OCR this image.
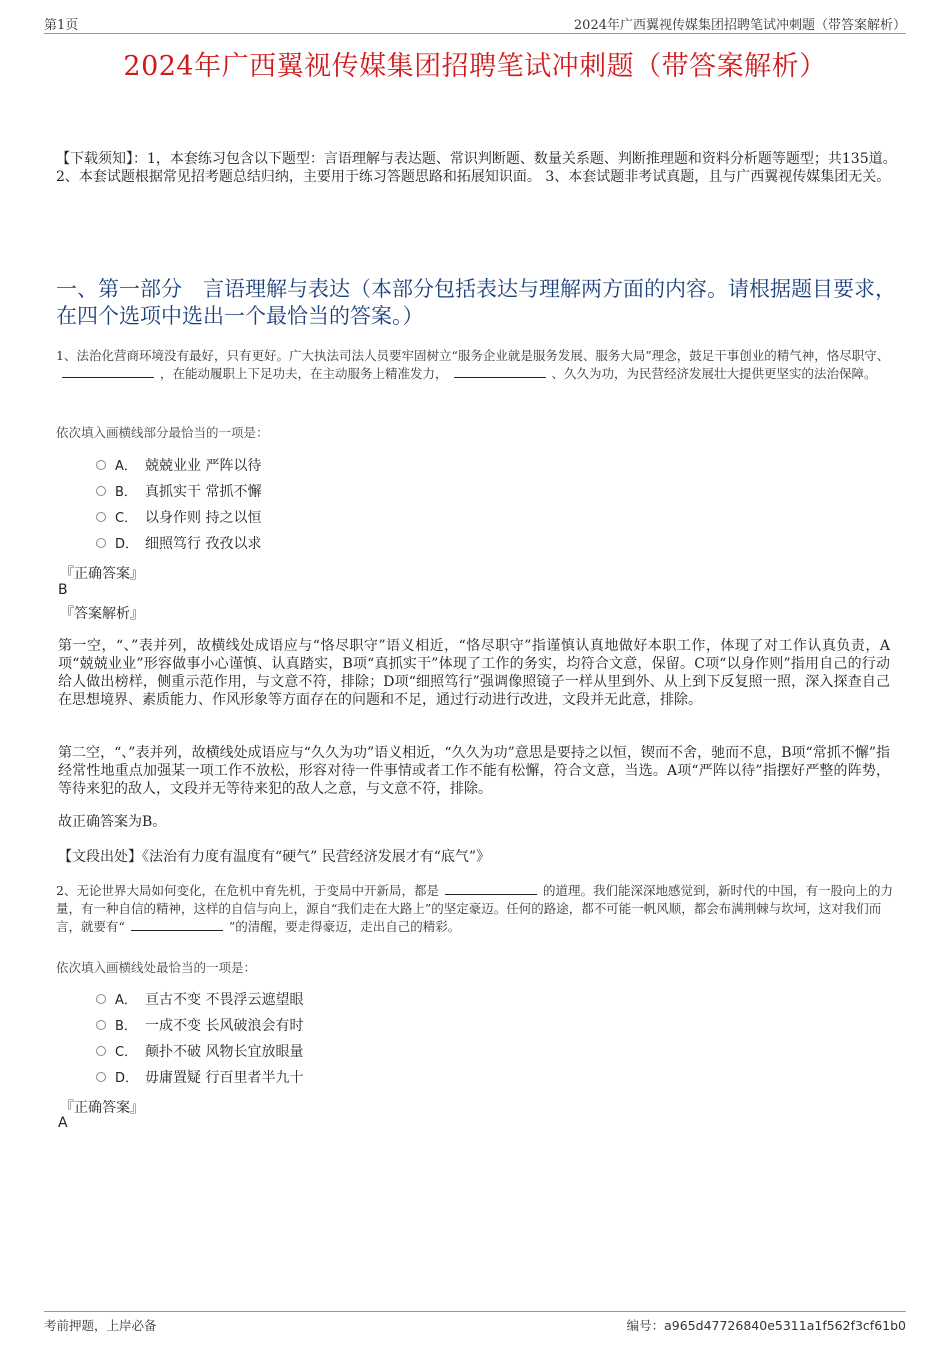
第1页	2024年广西翼视传媒集团招聘笔试冲刺题（带答案解析）
2024年广西翼视传媒集团招聘笔试冲刺题（带答案解析）
【下载须知】：1，本套练习包含以下题型：言语理解与表达题、常识判断题、数量关系题、判断推理题和资料分析题等题型；共135道。 2、本套试题根据常见招考题总结归纳，主要用于练习答题思路和拓展知识面。 3、本套试题非考试真题，且与广西翼视传媒集团无关。
一、第一部分　言语理解与表达（本部分包括表达与理解两方面的内容。请根据题目要求，在四个选项中选出一个最恰当的答案。）
1、法治化营商环境没有最好，只有更好。广大执法司法人员要牢固树立“服务企业就是服务发展、服务大局”理念，鼓足干事创业的精气神，恪尽职守、，在能动履职上下足功夫，在主动服务上精准发力，	、久久为功，为民营经济发展壮大提供更坚实的法治保障。
依次填入画横线部分最恰当的一项是：
A． 兢兢业业 严阵以待
B． 真抓实干 常抓不懈
C． 以身作则 持之以恒
D． 细照笃行 孜孜以求
『正确答案』
B
『答案解析』
第一空，“、”表并列，故横线处成语应与“恪尽职守”语义相近，“恪尽职守”指谨慎认真地做好本职工作，体现了对工作认真负责，A项“兢兢业业”形容做事小心谨慎、认真踏实，B项“真抓实干”体现了工作的务实，均符合文意，保留。C项“以身作则”指用自己的行动给人做出榜样，侧重示范作用，与文意不符，排除；D项“细照笃行”强调像照镜子一样从里到外、从上到下反复照一照，深入探查自己在思想境界、素质能力、作风形象等方面存在的问题和不足，通过行动进行改进，文段并无此意，排除。
第二空，“、”表并列，故横线处成语应与“久久为功”语义相近，“久久为功”意思是要持之以恒，锲而不舍，驰而不息，B项“常抓不懈”指经常性地重点加强某一项工作不放松，形容对待一件事情或者工作不能有松懈，符合文意，当选。A项“严阵以待”指摆好严整的阵势，等待来犯的敌人，文段并无等待来犯的敌人之意，与文意不符，排除。
故正确答案为B。
【文段出处】《法治有力度有温度有“硬气” 民营经济发展才有“底气”》
2、无论世界大局如何变化，在危机中育先机，于变局中开新局，都是	的道理。我们能深深地感觉到，新时代的中国，有一股向上的力量，有一种自信的精神，这样的自信与向上，源自“我们走在大路上”的坚定豪迈。任何的路途，都不可能一帆风顺，都会布满荆棘与坎坷，这对我们而言，就要有“	”的清醒，要走得豪迈，走出自己的精彩。
依次填入画横线处最恰当的一项是：
A． 亘古不变 不畏浮云遮望眼
B． 一成不变 长风破浪会有时
C． 颠扑不破 风物长宜放眼量
D． 毋庸置疑 行百里者半九十
『正确答案』
A
考前押题，上岸必备	编号：a965d47726840e5311a1f562f3cf61b0
